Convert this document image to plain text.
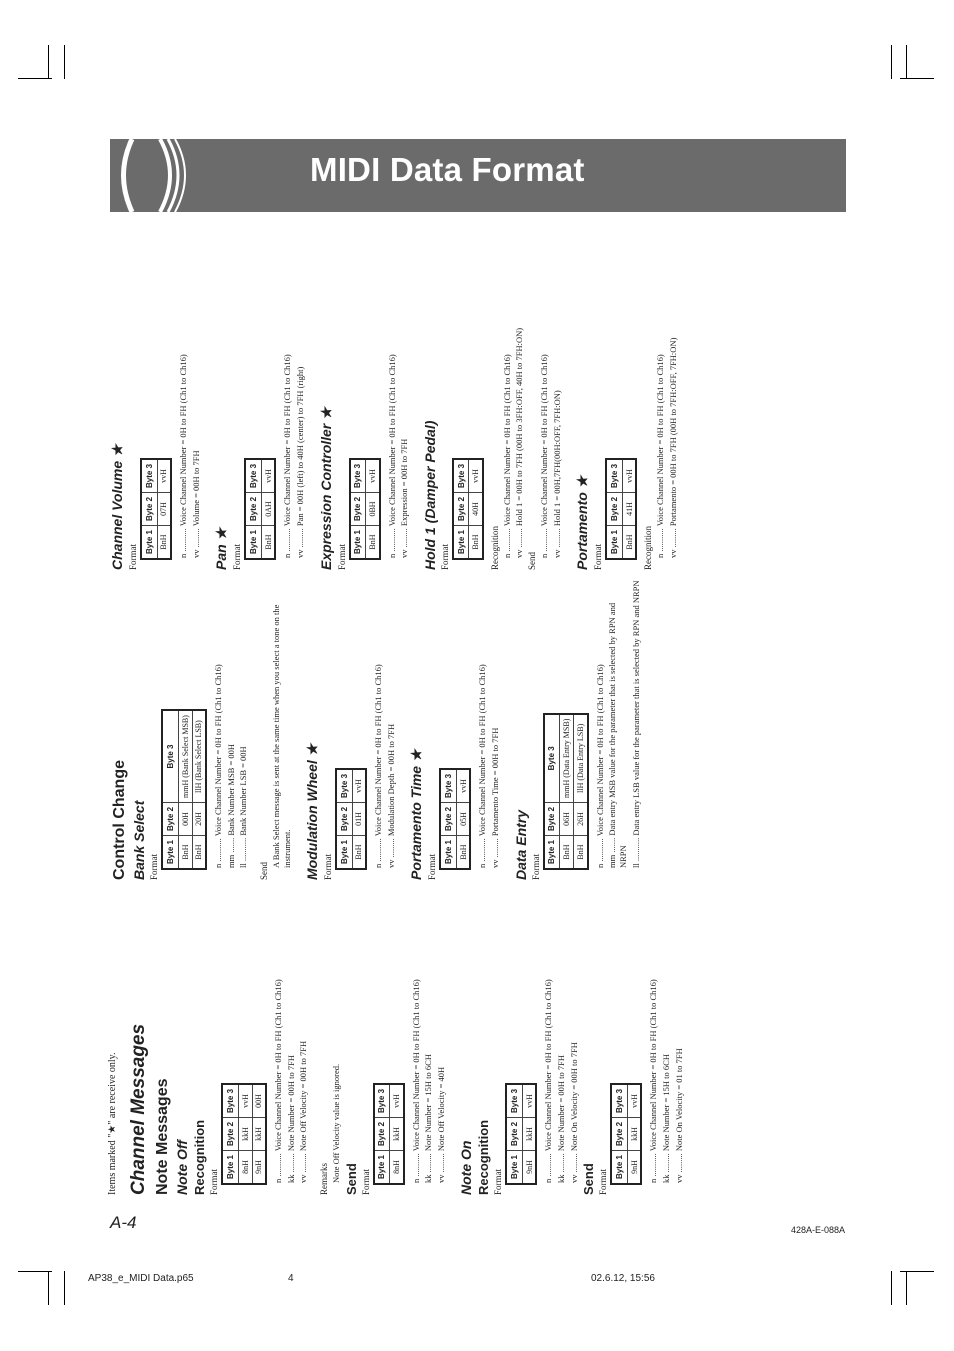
MIDI Data Format

Items marked "★" are receive only. Channel Messages Note Messages Note Off Recognition Format

Byte 1	Byte 2	Byte 3
8nH	kkH	vvH
9nH	kkH	00H n ........... Voice Channel Number = 0H to FH (Ch1 to Ch16) kk ......... Note Number = 00H to 7FH vv ......... Note Off Velocity = 00H to 7FH Remarks Note Off Velocity value is ignored. Send Format

Byte 1	Byte 2	Byte 3
8nH	kkH	vvH n ........... Voice Channel Number = 0H to FH (Ch1 to Ch16) kk ......... Note Number = 15H to 6CH vv ......... Note Off Velocity = 40H Note On Recognition Format

Byte 1	Byte 2	Byte 3
9nH	kkH	vvH n ........... Voice Channel Number = 0H to FH (Ch1 to Ch16) kk ......... Note Number = 00H to 7FH vv ......... Note On Velocity = 00H to 7FH Send Format

Byte 1	Byte 2	Byte 3
9nH	kkH	vvH n ........... Voice Channel Number = 0H to FH (Ch1 to Ch16) kk ......... Note Number = 15H to 6CH vv ......... Note On Velocity = 01 to 7FH

Control Change Bank Select Format

Byte 1	Byte 2	Byte 3
BnH	00H	mmH (Bank Select MSB)
BnH	20H	llH (Bank Select LSB) n ........... Voice Channel Number = 0H to FH (Ch1 to Ch16) mm ....... Bank Number MSB = 00H ll ........... Bank Number LSB = 00H

Send

A Bank Select message is sent at the same time when you select a tone on the instrument. Modulation Wheel ★ Format

Byte 1	Byte 2	Byte 3
BnH	01H	vvH n ........... Voice Channel Number = 0H to FH (Ch1 to Ch16) vv ......... Modulation Depth = 00H to 7FH Portamento Time ★ Format

Byte 1	Byte 2	Byte 3
BnH	05H	vvH n ........... Voice Channel Number = 0H to FH (Ch1 to Ch16) vv ......... Portamento Time = 00H to 7FH Data Entry Format

Byte 1	Byte 2	Byte 3
BnH	06H	mmH (Data Entry MSB)
BnH	26H	llH (Data Entry LSB) n ........... Voice Channel Number = 0H to FH (Ch1 to Ch16) mm ....... Data entry MSB value for the parameter that is selected by RPN and NRPN ll ........... Data entry LSB value for the parameter that is selected by RPN and NRPN

Channel Volume ★ Format

Byte 1	Byte 2	Byte 3
BnH	07H	vvH n ........... Voice Channel Number = 0H to FH (Ch1 to Ch16) vv ......... Volume = 00H to 7FH Pan ★ Format

Byte 1	Byte 2	Byte 3
BnH	0AH	vvH n ........... Voice Channel Number = 0H to FH (Ch1 to Ch16) vv ......... Pan = 00H (left) to 40H (center) to 7FH (right) Expression Controller ★ Format

Byte 1	Byte 2	Byte 3
BnH	0BH	vvH n ........... Voice Channel Number = 0H to FH (Ch1 to Ch16) vv ......... Expression = 00H to 7FH Hold 1 (Damper Pedal) Format

Byte 1	Byte 2	Byte 3
BnH	40H	vvH

Recognition n ........... Voice Channel Number = 0H to FH (Ch1 to Ch16) vv ......... Hold 1 = 00H to 7FH (00H to 3FH:OFF, 40H to 7FH:ON)

Send

n ........... Voice Channel Number = 0H to FH (Ch1 to Ch16) vv ......... Hold 1 = 00H,7FH(00H:OFF, 7FH:ON) Portamento ★ Format

Byte 1	Byte 2	Byte 3
BnH	41H	vvH

Recognition n ........... Voice Channel Number = 0H to FH (Ch1 to Ch16) vv ......... Portamento = 00H to 7FH (00H to 7FH:OFF, 7FH:ON)

A-4	428A-E-088A
AP38_e_MIDI Data.p65	4	02.6.12, 15:56
